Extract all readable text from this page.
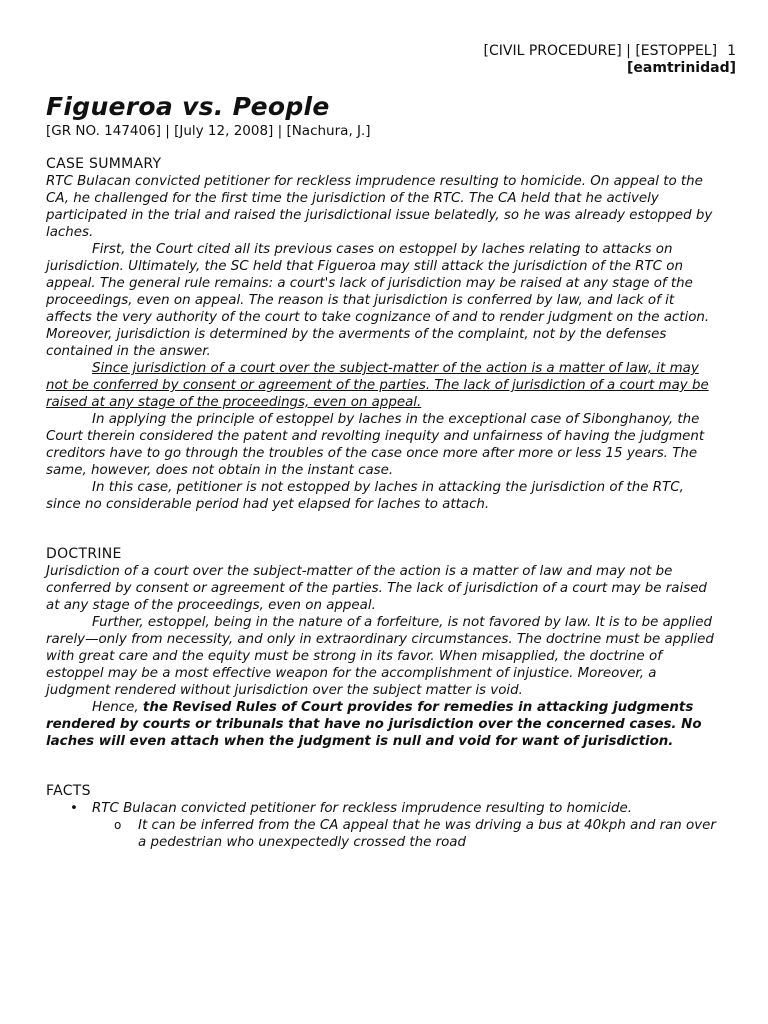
[CIVIL PROCEDURE] | [ESTOPPEL] 1
[eamtrinidad]
Figueroa vs. People
[GR NO. 147406] | [July 12, 2008] | [Nachura, J.]
CASE SUMMARY

RTC Bulacan convicted petitioner for reckless imprudence resulting to homicide. On appeal to the CA, he challenged for the first time the jurisdiction of the RTC. The CA held that he actively participated in the trial and raised the jurisdictional issue belatedly, so he was already estopped by laches.

First, the Court cited all its previous cases on estoppel by laches relating to attacks on jurisdiction. Ultimately, the SC held that Figueroa may still attack the jurisdiction of the RTC on appeal. The general rule remains: a court's lack of jurisdiction may be raised at any stage of the proceedings, even on appeal. The reason is that jurisdiction is conferred by law, and lack of it affects the very authority of the court to take cognizance of and to render judgment on the action. Moreover, jurisdiction is determined by the averments of the complaint, not by the defenses contained in the answer.

Since jurisdiction of a court over the subject-matter of the action is a matter of law, it may not be conferred by consent or agreement of the parties. The lack of jurisdiction of a court may be raised at any stage of the proceedings, even on appeal.

In applying the principle of estoppel by laches in the exceptional case of Sibonghanoy, the Court therein considered the patent and revolting inequity and unfairness of having the judgment creditors have to go through the troubles of the case once more after more or less 15 years. The same, however, does not obtain in the instant case.

In this case, petitioner is not estopped by laches in attacking the jurisdiction of the RTC, since no considerable period had yet elapsed for laches to attach.

DOCTRINE

Jurisdiction of a court over the subject-matter of the action is a matter of law and may not be conferred by consent or agreement of the parties. The lack of jurisdiction of a court may be raised at any stage of the proceedings, even on appeal.

Further, estoppel, being in the nature of a forfeiture, is not favored by law. It is to be applied rarely—only from necessity, and only in extraordinary circumstances. The doctrine must be applied with great care and the equity must be strong in its favor. When misapplied, the doctrine of estoppel may be a most effective weapon for the accomplishment of injustice. Moreover, a judgment rendered without jurisdiction over the subject matter is void.

Hence, the Revised Rules of Court provides for remedies in attacking judgments rendered by courts or tribunals that have no jurisdiction over the concerned cases. No laches will even attach when the judgment is null and void for want of jurisdiction.

FACTS
• RTC Bulacan convicted petitioner for reckless imprudence resulting to homicide.
o It can be inferred from the CA appeal that he was driving a bus at 40kph and ran over a pedestrian who unexpectedly crossed the road
